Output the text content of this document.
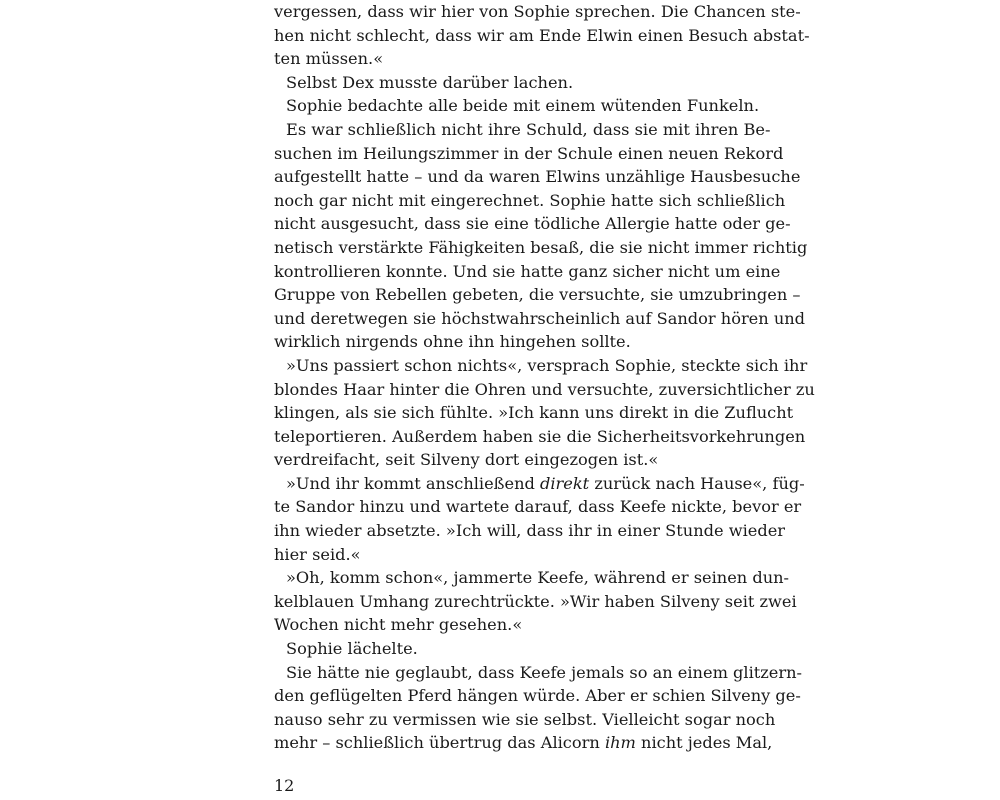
vergessen, dass wir hier von Sophie sprechen. Die Chancen ste-
hen nicht schlecht, dass wir am Ende Elwin einen Besuch abstat-
ten müssen.«
Selbst Dex musste darüber lachen.
Sophie bedachte alle beide mit einem wütenden Funkeln.
Es war schließlich nicht ihre Schuld, dass sie mit ihren Be-
suchen im Heilungszimmer in der Schule einen neuen Rekord
aufgestellt hatte – und da waren Elwins unzählige Hausbesuche
noch gar nicht mit eingerechnet. Sophie hatte sich schließlich
nicht ausgesucht, dass sie eine tödliche Allergie hatte oder ge-
netisch verstärkte Fähigkeiten besaß, die sie nicht immer richtig
kontrollieren konnte. Und sie hatte ganz sicher nicht um eine
Gruppe von Rebellen gebeten, die versuchte, sie umzubringen –
und deretwegen sie höchstwahrscheinlich auf Sandor hören und
wirklich nirgends ohne ihn hingehen sollte.
»Uns passiert schon nichts«, versprach Sophie, steckte sich ihr
blondes Haar hinter die Ohren und versuchte, zuversichtlicher zu
klingen, als sie sich fühlte. »Ich kann uns direkt in die Zuflucht
teleportieren. Außerdem haben sie die Sicherheitsvorkehrungen
verdreifacht, seit Silveny dort eingezogen ist.«
»Und ihr kommt anschließend direkt zurück nach Hause«, füg-
te Sandor hinzu und wartete darauf, dass Keefe nickte, bevor er
ihn wieder absetzte. »Ich will, dass ihr in einer Stunde wieder
hier seid.«
»Oh, komm schon«, jammerte Keefe, während er seinen dun-
kelblauen Umhang zurechtrückte. »Wir haben Silveny seit zwei
Wochen nicht mehr gesehen.«
Sophie lächelte.
Sie hätte nie geglaubt, dass Keefe jemals so an einem glitzern-
den geflügelten Pferd hängen würde. Aber er schien Silveny ge-
nauso sehr zu vermissen wie sie selbst. Vielleicht sogar noch
mehr – schließlich übertrug das Alicorn ihm nicht jedes Mal,
12
